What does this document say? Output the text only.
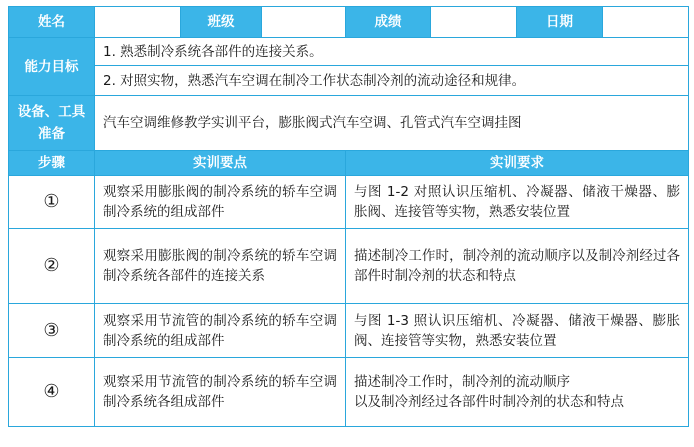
姓名		班级		成绩		日期	
能力目标	1. 熟悉制冷系统各部件的连接关系。						
	2. 对照实物，熟悉汽车空调在制冷工作状态制冷剂的流动途径和规律。						
设备、工具准备	汽车空调维修教学实训平台，膨胀阀式汽车空调、孔管式汽车空调挂图						
步骤	实训要点			实训要求			
①	观察采用膨胀阀的制冷系统的轿车空调制冷系统的组成部件			与图 1-2 对照认识压缩机、冷凝器、储液干燥器、膨胀阀、连接管等实物，熟悉安装位置			
②	观察采用膨胀阀的制冷系统的轿车空调制冷系统各部件的连接关系			描述制冷工作时，制冷剂的流动顺序以及制冷剂经过各部件时制冷剂的状态和特点			
③	观察采用节流管的制冷系统的轿车空调制冷系统的组成部件			与图 1-3 照认识压缩机、冷凝器、储液干燥器、膨胀阀、连接管等实物，熟悉安装位置			
④	观察采用节流管的制冷系统的轿车空调制冷系统各组成部件			描述制冷工作时，制冷剂的流动顺序
以及制冷剂经过各部件时制冷剂的状态和特点			
